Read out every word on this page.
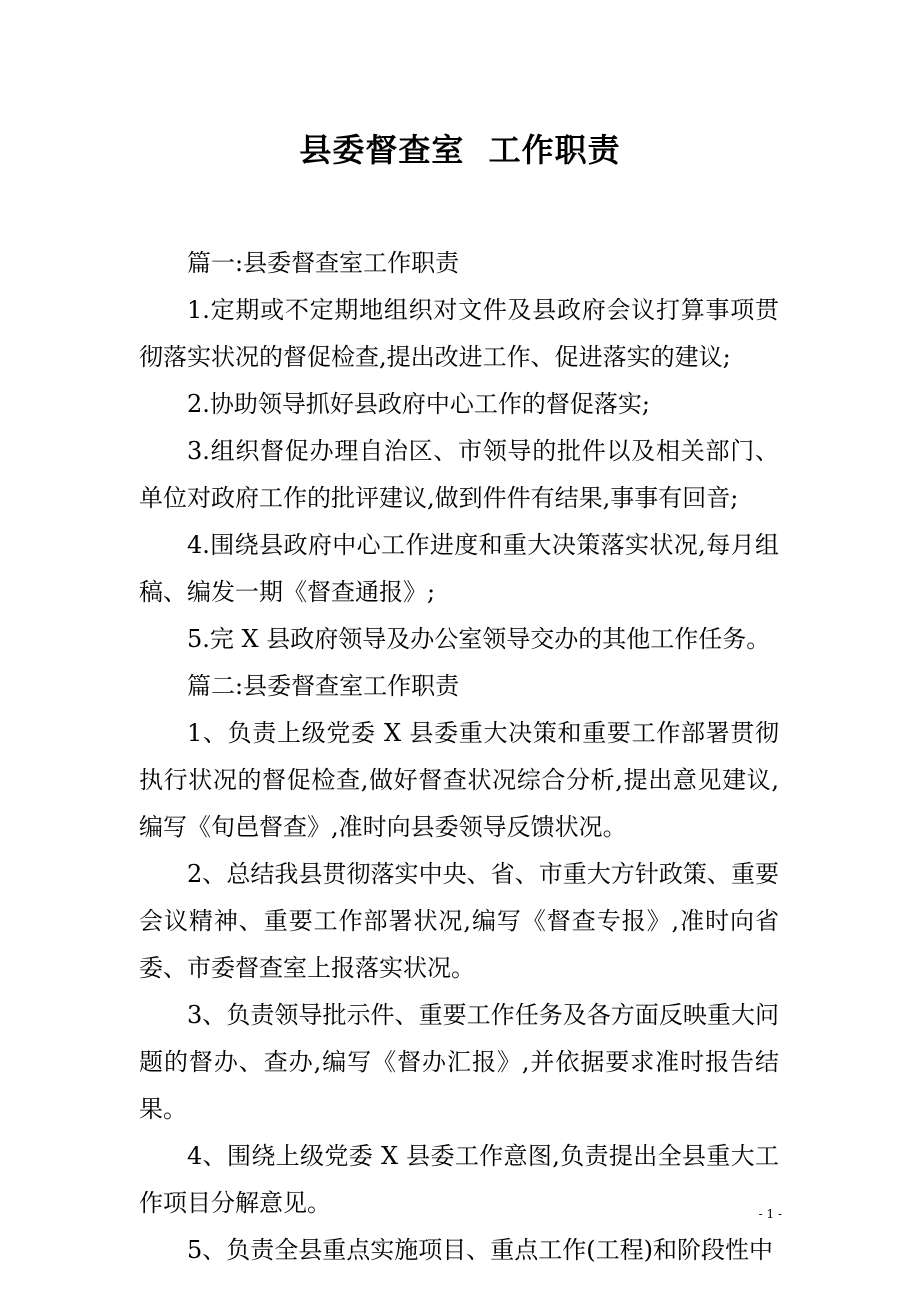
县委督查室  工作职责

篇一:县委督查室工作职责

1.定期或不定期地组织对文件及县政府会议打算事项贯彻落实状况的督促检查,提出改进工作、促进落实的建议;

2.协助领导抓好县政府中心工作的督促落实;

3.组织督促办理自治区、市领导的批件以及相关部门、单位对政府工作的批评建议,做到件件有结果,事事有回音;

4.围绕县政府中心工作进度和重大决策落实状况,每月组稿、编发一期《督查通报》;

5.完 X 县政府领导及办公室领导交办的其他工作任务。

篇二:县委督查室工作职责

1、负责上级党委 X 县委重大决策和重要工作部署贯彻执行状况的督促检查,做好督查状况综合分析,提出意见建议,编写《旬邑督查》,准时向县委领导反馈状况。

2、总结我县贯彻落实中央、省、市重大方针政策、重要会议精神、重要工作部署状况,编写《督查专报》,准时向省委、市委督查室上报落实状况。

3、负责领导批示件、重要工作任务及各方面反映重大问题的督办、查办,编写《督办汇报》,并依据要求准时报告结果。

4、围绕上级党委 X 县委工作意图,负责提出全县重大工作项目分解意见。

5、负责全县重点实施项目、重点工作(工程)和阶段性中

- 1 -
